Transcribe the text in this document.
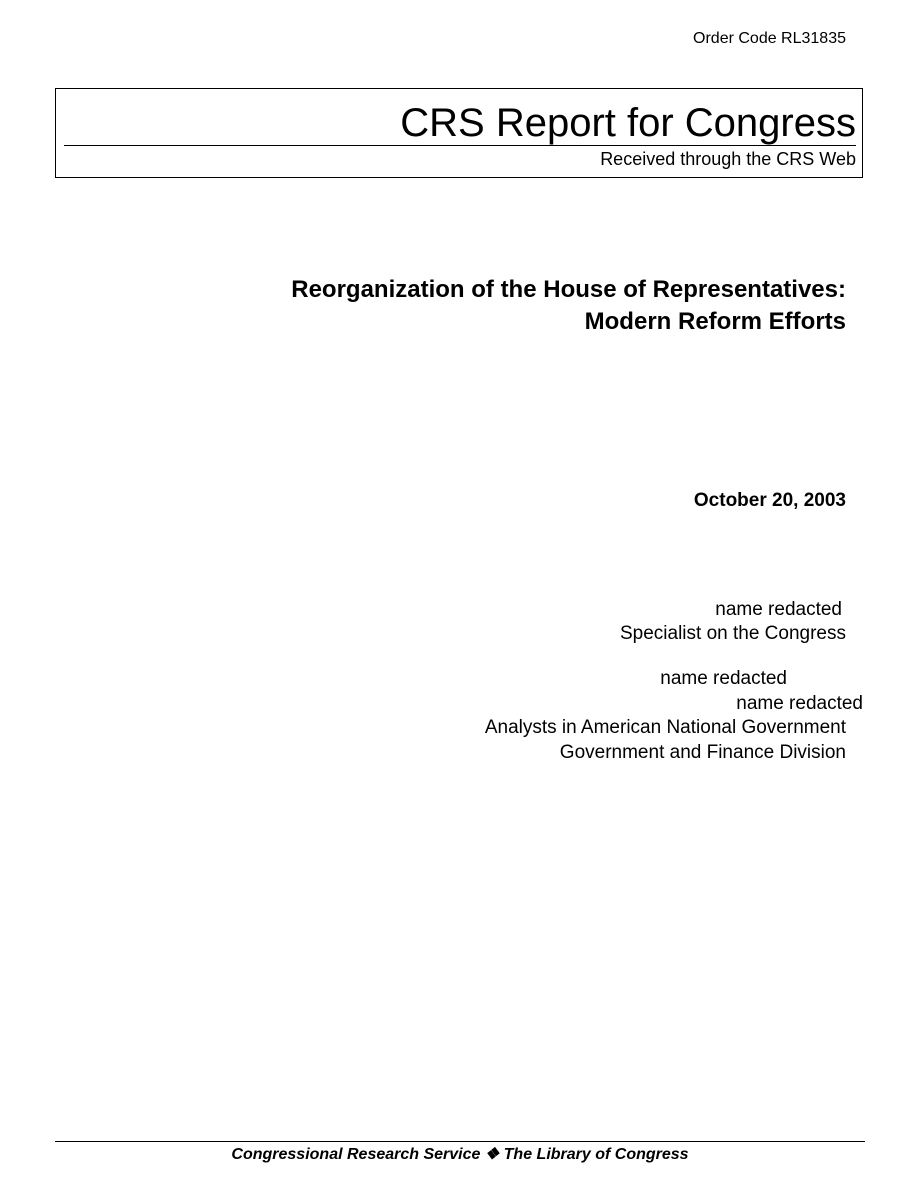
Order Code RL31835
CRS Report for Congress
Received through the CRS Web
Reorganization of the House of Representatives:
Modern Reform Efforts
October 20, 2003
name redacted
Specialist on the Congress
name redacted
name redacted
Analysts in American National Government
Government and Finance Division
Congressional Research Service ❖ The Library of Congress
